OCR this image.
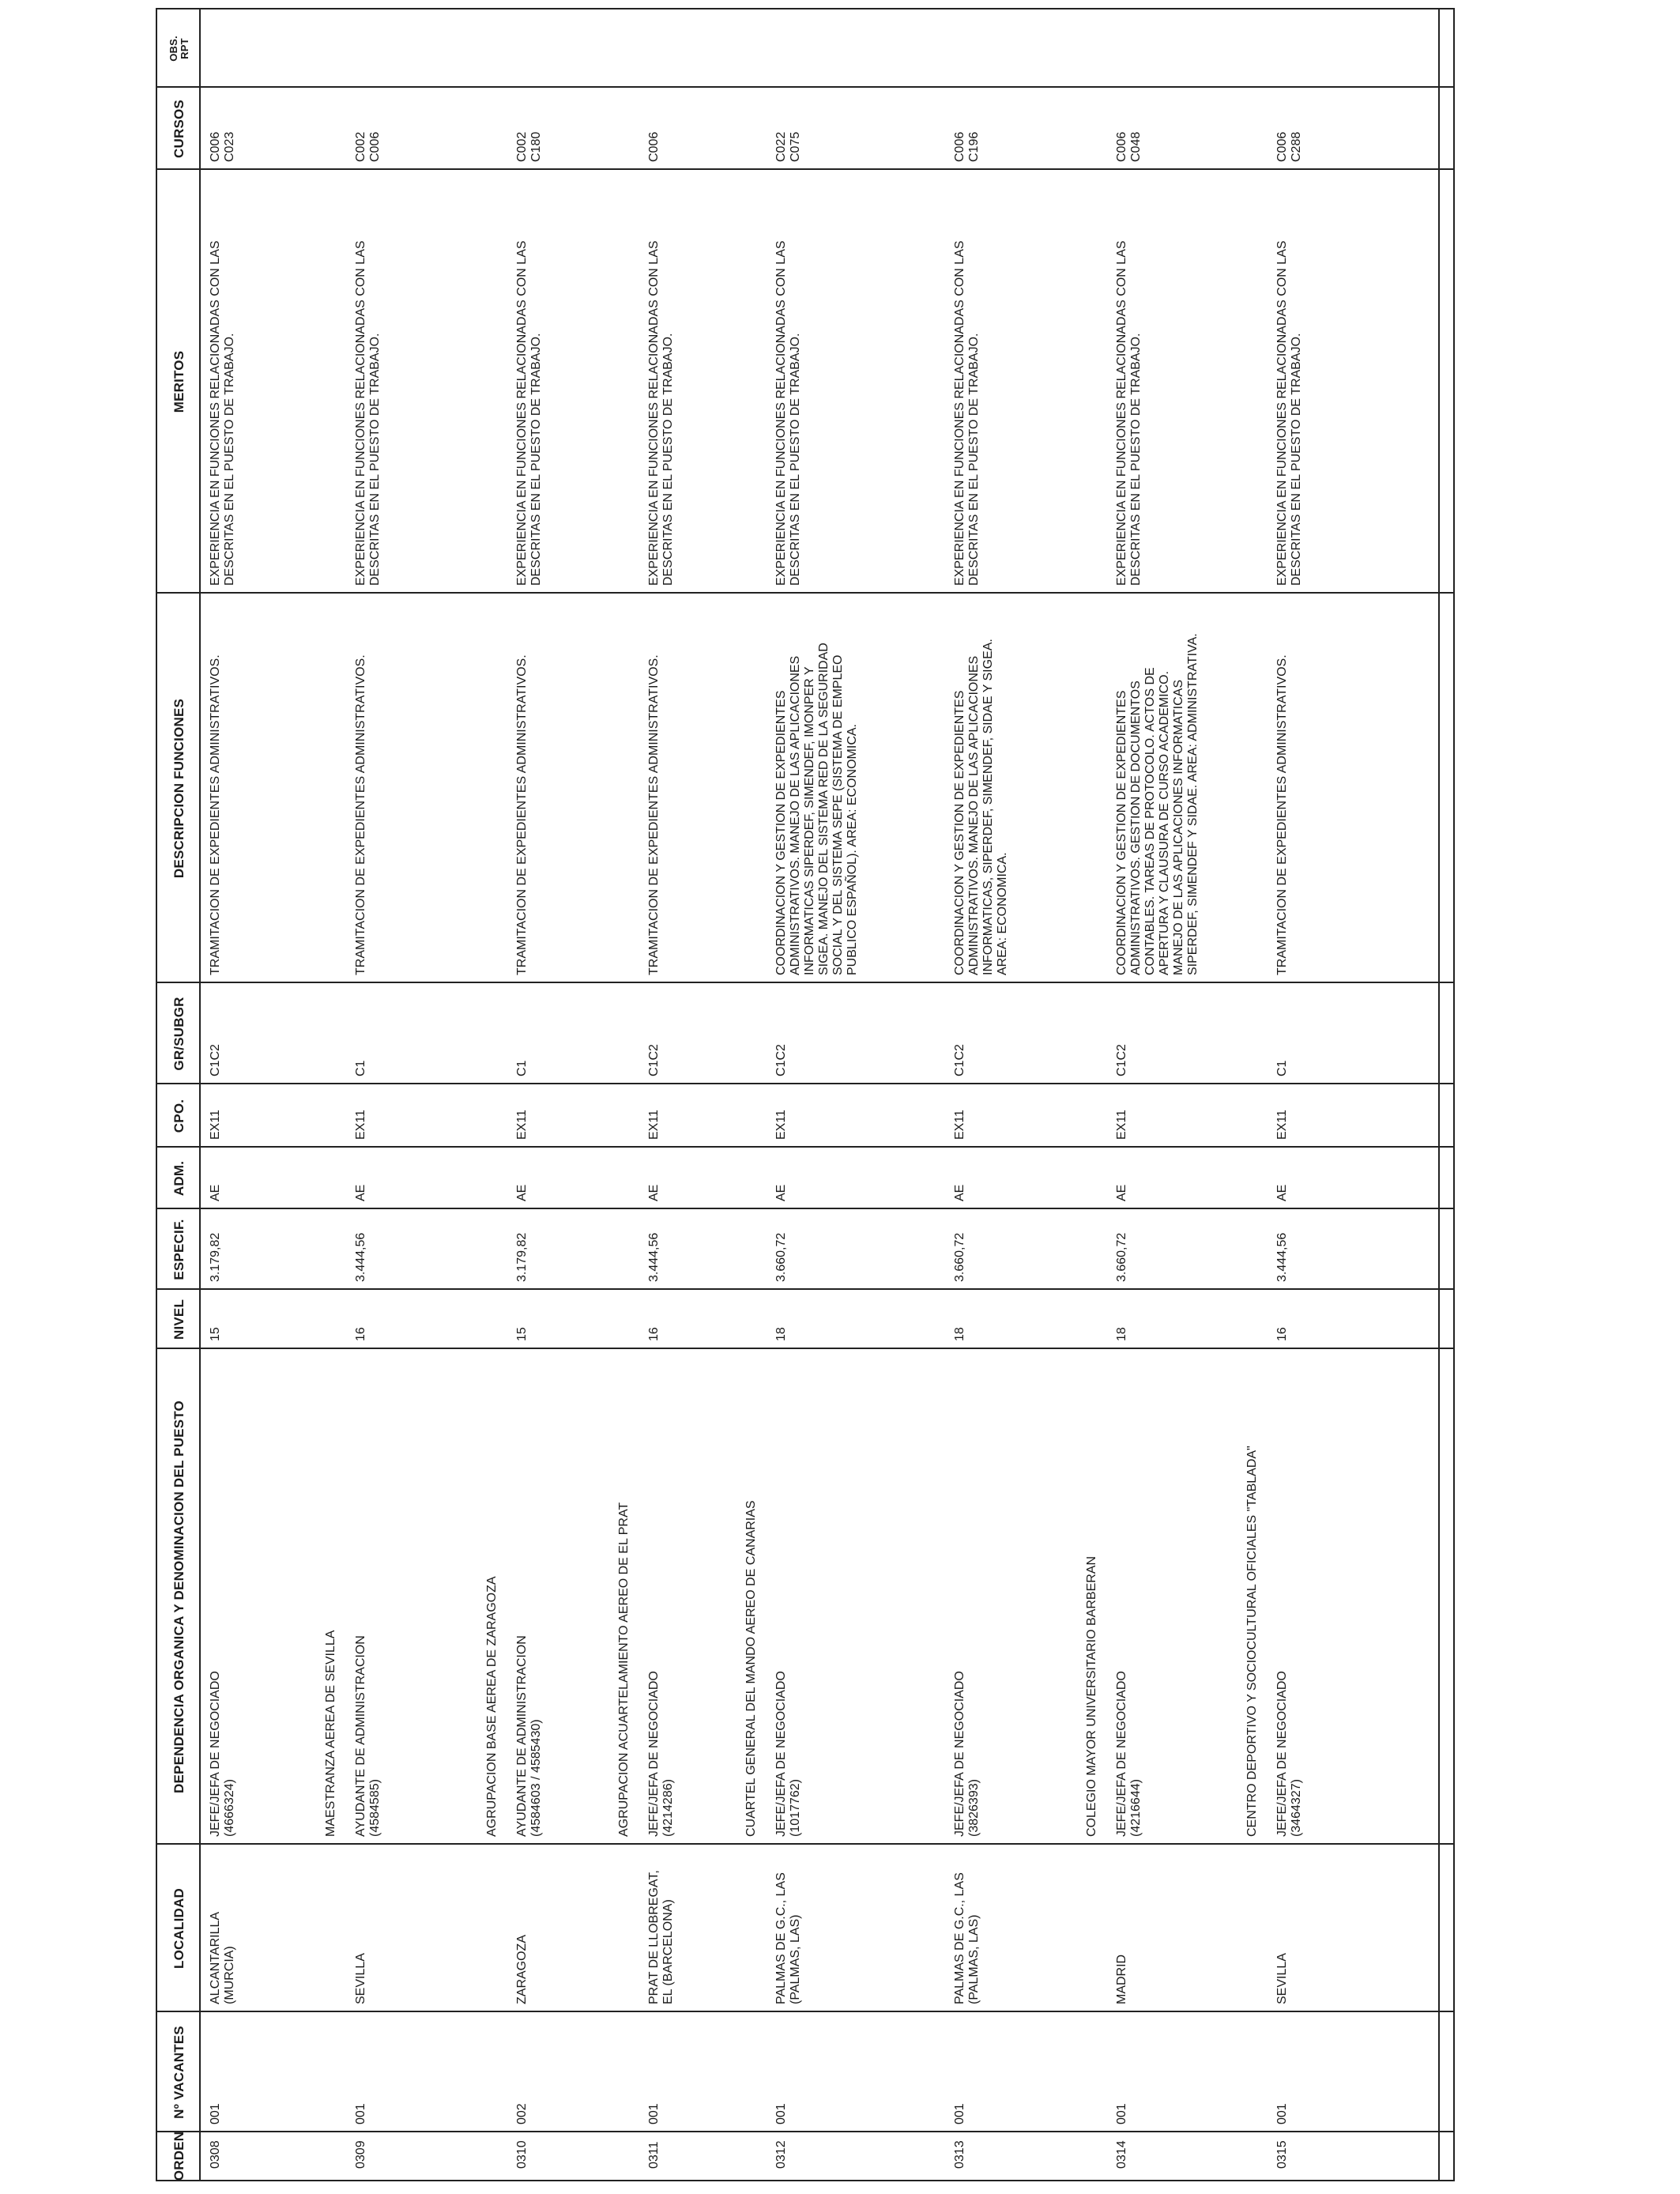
ORDEN
Nº VACANTES
LOCALIDAD
DEPENDENCIA ORGANICA Y DENOMINACION DEL PUESTO
NIVEL
ESPECIF.
ADM.
CPO.
GR/SUBGR
DESCRIPCION FUNCIONES
MERITOS
CURSOS
OBS.
RPT
0308
001
ALCANTARILLA
(MURCIA)
JEFE/JEFA DE NEGOCIADO
(4666324)
15
3.179,82
AE
EX11
C1C2
TRAMITACION DE EXPEDIENTES ADMINISTRATIVOS.
EXPERIENCIA EN FUNCIONES RELACIONADAS CON LAS
DESCRITAS EN EL PUESTO DE TRABAJO.
C006
C023
MAESTRANZA AEREA DE SEVILLA
0309
001
SEVILLA
AYUDANTE DE ADMINISTRACION
(4584585)
16
3.444,56
AE
EX11
C1
TRAMITACION DE EXPEDIENTES ADMINISTRATIVOS.
EXPERIENCIA EN FUNCIONES RELACIONADAS CON LAS
DESCRITAS EN EL PUESTO DE TRABAJO.
C002
C006
AGRUPACION BASE AEREA DE ZARAGOZA
0310
002
ZARAGOZA
AYUDANTE DE ADMINISTRACION
(4584603 / 4585430)
15
3.179,82
AE
EX11
C1
TRAMITACION DE EXPEDIENTES ADMINISTRATIVOS.
EXPERIENCIA EN FUNCIONES RELACIONADAS CON LAS
DESCRITAS EN EL PUESTO DE TRABAJO.
C002
C180
AGRUPACION ACUARTELAMIENTO AEREO DE EL PRAT
0311
001
PRAT DE LLOBREGAT,
EL (BARCELONA)
JEFE/JEFA DE NEGOCIADO
(4214286)
16
3.444,56
AE
EX11
C1C2
TRAMITACION DE EXPEDIENTES ADMINISTRATIVOS.
EXPERIENCIA EN FUNCIONES RELACIONADAS CON LAS
DESCRITAS EN EL PUESTO DE TRABAJO.
C006
CUARTEL GENERAL DEL MANDO AEREO DE CANARIAS
0312
001
PALMAS DE G.C., LAS
(PALMAS, LAS)
JEFE/JEFA DE NEGOCIADO
(1017762)
18
3.660,72
AE
EX11
C1C2
COORDINACION Y GESTION DE EXPEDIENTES
ADMINISTRATIVOS. MANEJO DE LAS APLICACIONES
INFORMATICAS SIPERDEF, SIMENDEF, IMONPER Y
SIGEA. MANEJO DEL SISTEMA RED DE LA SEGURIDAD
SOCIAL Y DEL SISTEMA SEPE (SISTEMA DE EMPLEO
PUBLICO ESPAÑOL). AREA: ECONOMICA.
EXPERIENCIA EN FUNCIONES RELACIONADAS CON LAS
DESCRITAS EN EL PUESTO DE TRABAJO.
C022
C075
0313
001
PALMAS DE G.C., LAS
(PALMAS, LAS)
JEFE/JEFA DE NEGOCIADO
(3826393)
18
3.660,72
AE
EX11
C1C2
COORDINACION Y GESTION DE EXPEDIENTES
ADMINISTRATIVOS. MANEJO DE LAS APLICACIONES
INFORMATICAS, SIPERDEF, SIMENDEF, SIDAE Y SIGEA.
AREA: ECONOMICA.
EXPERIENCIA EN FUNCIONES RELACIONADAS CON LAS
DESCRITAS EN EL PUESTO DE TRABAJO.
C006
C196
COLEGIO MAYOR UNIVERSITARIO BARBERAN
0314
001
MADRID
JEFE/JEFA DE NEGOCIADO
(4216644)
18
3.660,72
AE
EX11
C1C2
COORDINACION Y GESTION DE EXPEDIENTES
ADMINISTRATIVOS. GESTION DE DOCUMENTOS
CONTABLES. TAREAS DE PROTOCOLO. ACTOS DE
APERTURA Y CLAUSURA DE CURSO ACADEMICO.
MANEJO DE LAS APLICACIONES INFORMATICAS
SIPERDEF, SIMENDEF Y SIDAE. AREA: ADMINISTRATIVA.
EXPERIENCIA EN FUNCIONES RELACIONADAS CON LAS
DESCRITAS EN EL PUESTO DE TRABAJO.
C006
C048
CENTRO DEPORTIVO Y SOCIOCULTURAL OFICIALES "TABLADA"
0315
001
SEVILLA
JEFE/JEFA DE NEGOCIADO
(3464327)
16
3.444,56
AE
EX11
C1
TRAMITACION DE EXPEDIENTES ADMINISTRATIVOS.
EXPERIENCIA EN FUNCIONES RELACIONADAS CON LAS
DESCRITAS EN EL PUESTO DE TRABAJO.
C006
C288
